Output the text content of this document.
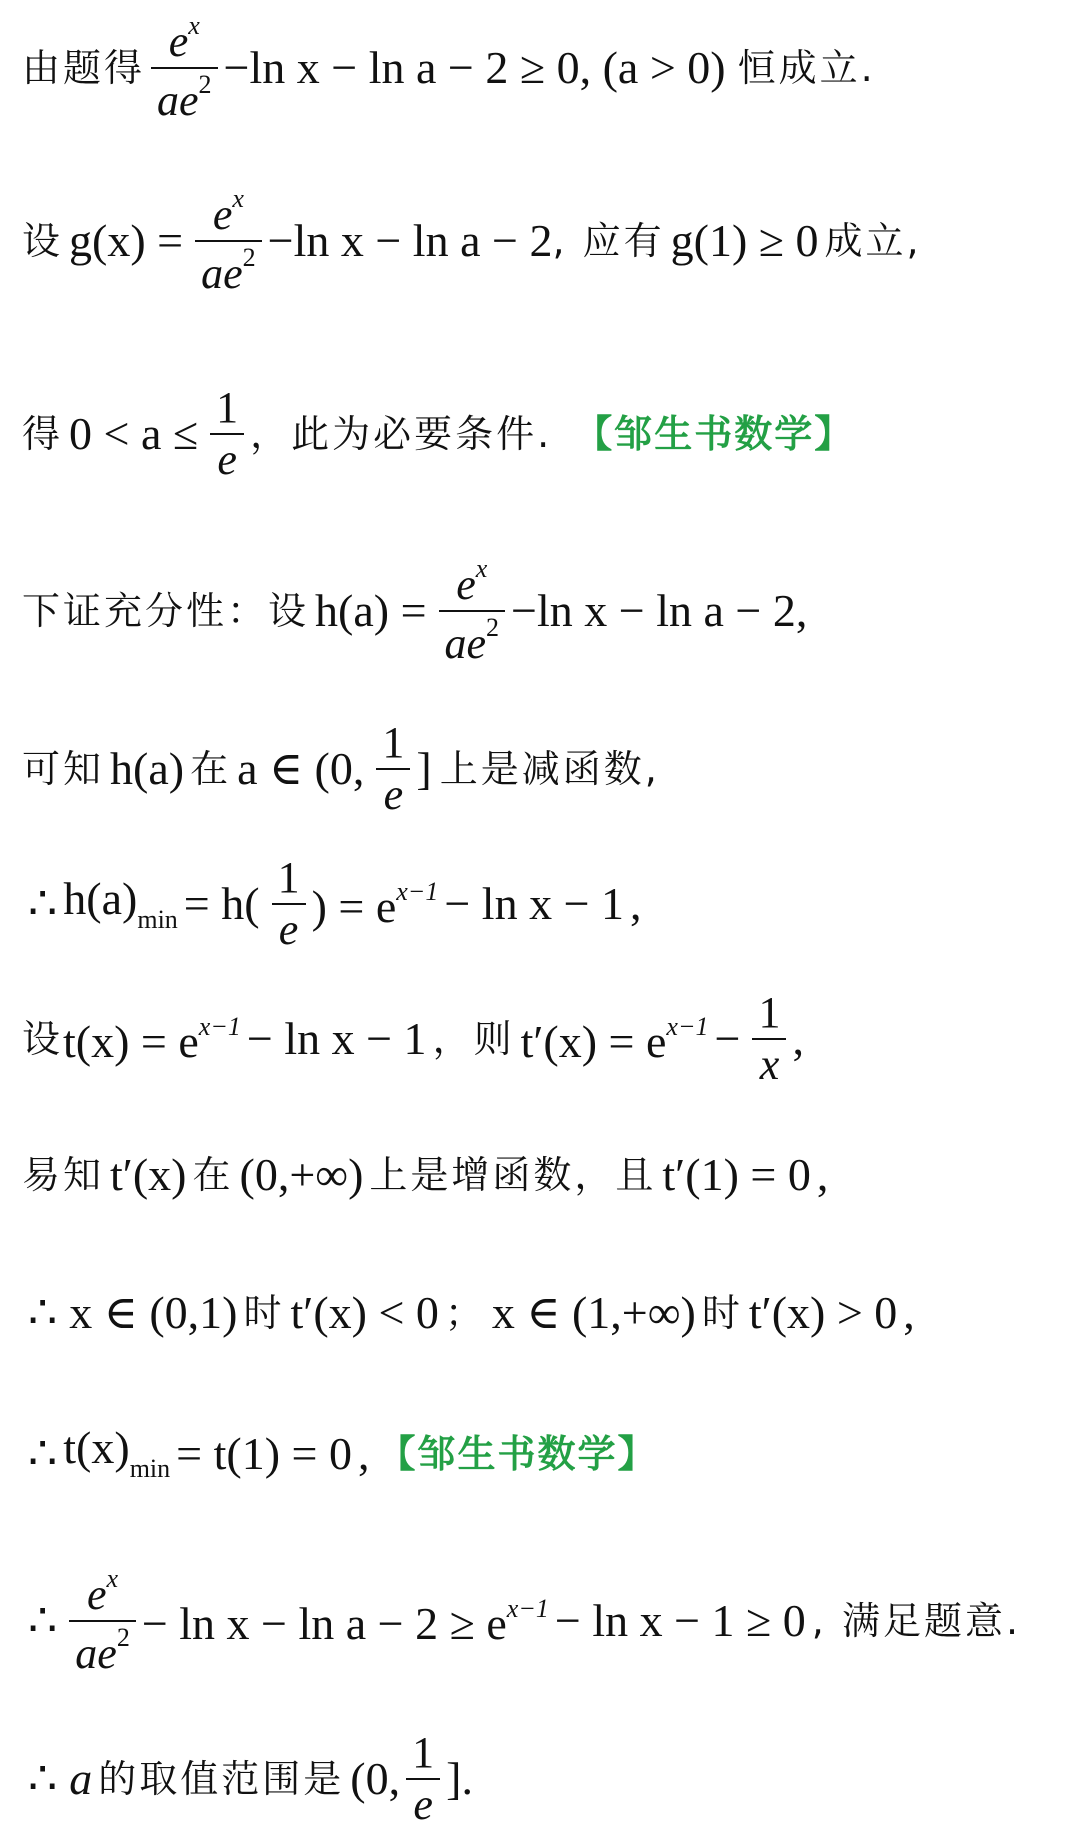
由题得 $\frac{e^x}{ae^2} -\ln$ x − ln a − 2 ≥ 0, (a > 0) 恒成立.
设 $g(x) = \frac{e^x}{ae^2} -\ln$ x − ln a − 2 , 应有 g(1) ≥ 0 成立,
得 $0 < a \le \frac{1}{e}$ ，此为必要条件. 【邹生书数学】
下证充分性：设 $h(a) = \frac{e^x}{ae^2} -\ln$ x − ln a − 2 ,
可知 h(a) 在 a ∈ (0, $\frac{1}{e}$ ] 上是减函数,
∴ $h(a)_{min} = h( \frac{1}{e}$ ) = $e^{x-1} - \ln x - 1$ ,
设 $t(x) = e^{x-1} - \ln x - 1$ ，则 $t'(x) = e^{x-1} - \frac{1}{x}$ ,
易知 t′(x) 在 (0,+∞) 上是增函数，且 t′(1) = 0 ,
∴ x ∈ (0,1) 时 t′(x) < 0 ； x ∈ (1,+∞) 时 t′(x) > 0 ,
∴ $t(x)_{min} = t(1) = 0$ , 【邹生书数学】
∴ $\frac{e^x}{ae^2} - \ln x - \ln a - 2 \ge e^{x-1} - \ln x - 1 \ge 0$ , 满足题意.
∴ a 的取值范围是 (0, $\frac{1}{e}$ ].
